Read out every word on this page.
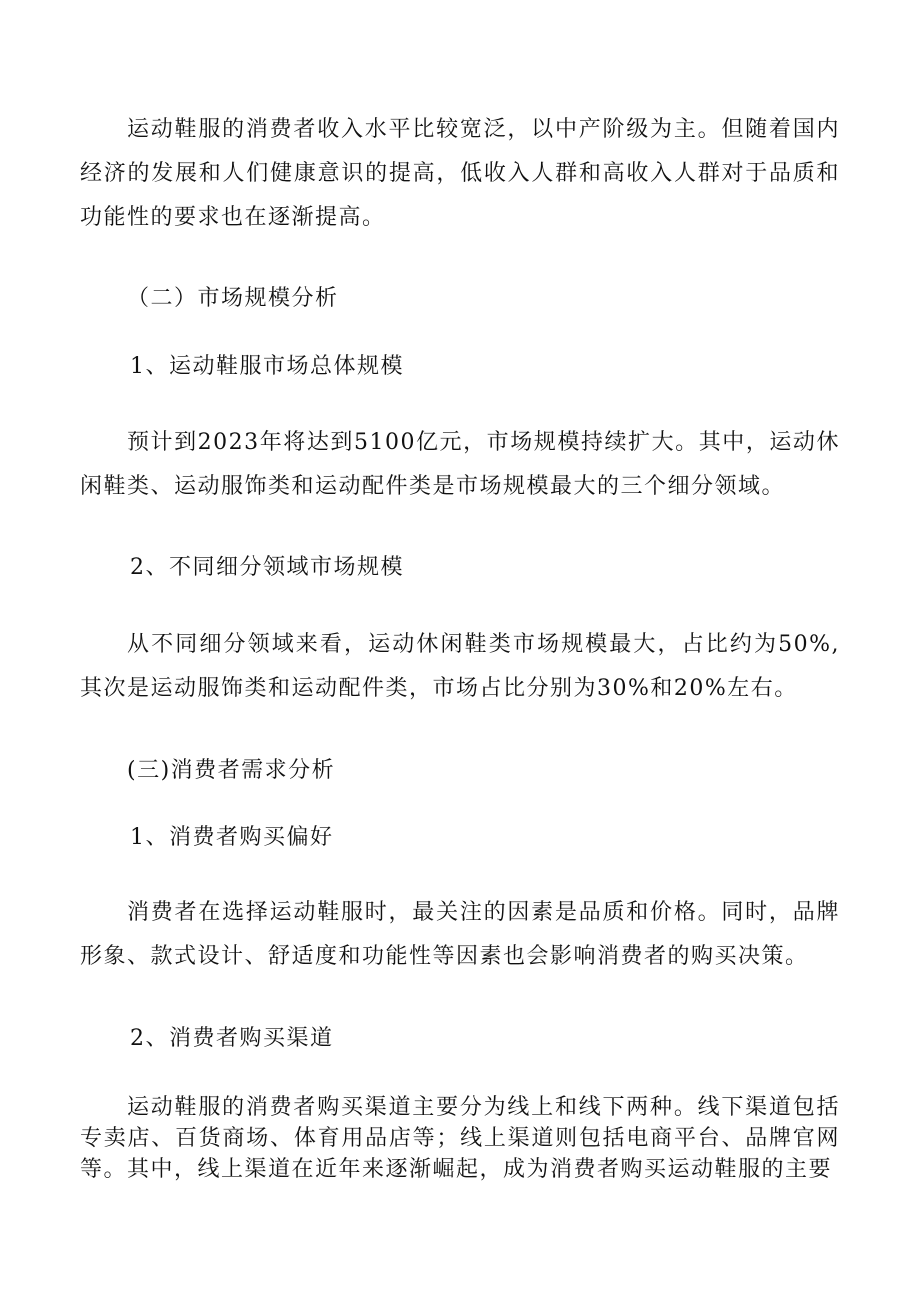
运动鞋服的消费者收入水平比较宽泛，以中产阶级为主。但随着国内经济的发展和人们健康意识的提高，低收入人群和高收入人群对于品质和功能性的要求也在逐渐提高。

（二）市场规模分析
1、运动鞋服市场总体规模

预计到2023年将达到5100亿元，市场规模持续扩大。其中，运动休闲鞋类、运动服饰类和运动配件类是市场规模最大的三个细分领域。

2、不同细分领域市场规模

从不同细分领域来看，运动休闲鞋类市场规模最大，占比约为50%,其次是运动服饰类和运动配件类，市场占比分别为30%和20%左右。

(三)消费者需求分析
1、消费者购买偏好

消费者在选择运动鞋服时，最关注的因素是品质和价格。同时，品牌形象、款式设计、舒适度和功能性等因素也会影响消费者的购买决策。

2、消费者购买渠道

运动鞋服的消费者购买渠道主要分为线上和线下两种。线下渠道包括专卖店、百货商场、体育用品店等；线上渠道则包括电商平台、品牌官网等。其中，线上渠道在近年来逐渐崛起，成为消费者购买运动鞋服的主要
